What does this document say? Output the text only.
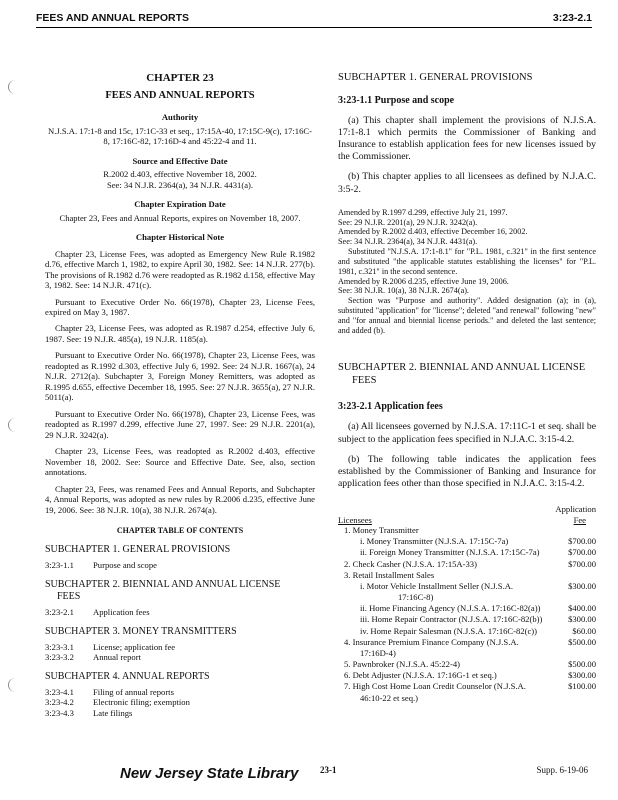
FEES AND ANNUAL REPORTS	3:23-2.1
CHAPTER 23
FEES AND ANNUAL REPORTS
Authority

N.J.S.A. 17:1-8 and 15c, 17:1C-33 et seq., 17:15A-40, 17:15C-9(c), 17:16C-8, 17:16C-82, 17:16D-4 and 45:22-4 and 11.

Source and Effective Date

R.2002 d.403, effective November 18, 2002.

See: 34 N.J.R. 2364(a), 34 N.J.R. 4431(a).

Chapter Expiration Date

Chapter 23, Fees and Annual Reports, expires on November 18, 2007.

Chapter Historical Note

Chapter 23, License Fees, was adopted as Emergency New Rule R.1982 d.76, effective March 1, 1982, to expire April 30, 1982. See: 14 N.J.R. 277(b). The provisions of R.1982 d.76 were readopted as R.1982 d.158, effective May 3, 1982. See: 14 N.J.R. 471(c).

Pursuant to Executive Order No. 66(1978), Chapter 23, License Fees, expired on May 3, 1987.

Chapter 23, License Fees, was adopted as R.1987 d.254, effective July 6, 1987. See: 19 N.J.R. 485(a), 19 N.J.R. 1185(a).

Pursuant to Executive Order No. 66(1978), Chapter 23, License Fees, was readopted as R.1992 d.303, effective July 6, 1992. See: 24 N.J.R. 1667(a), 24 N.J.R. 2712(a). Subchapter 3, Foreign Money Remitters, was adopted as R.1995 d.655, effective December 18, 1995. See: 27 N.J.R. 3655(a), 27 N.J.R. 5011(a).

Pursuant to Executive Order No. 66(1978), Chapter 23, License Fees, was readopted as R.1997 d.299, effective June 27, 1997. See: 29 N.J.R. 2201(a), 29 N.J.R. 3242(a).

Chapter 23, License Fees, was readopted as R.2002 d.403, effective November 18, 2002. See: Source and Effective Date. See, also, section annotations.

Chapter 23, Fees, was renamed Fees and Annual Reports, and Subchapter 4, Annual Reports, was adopted as new rules by R.2006 d.235, effective June 19, 2006. See: 38 N.J.R. 10(a), 38 N.J.R. 2674(a).

CHAPTER TABLE OF CONTENTS
SUBCHAPTER 1. GENERAL PROVISIONS
3:23-1.1	Purpose and scope
SUBCHAPTER 2. BIENNIAL AND ANNUAL LICENSE
FEES
3:23-2.1	Application fees
SUBCHAPTER 3. MONEY TRANSMITTERS
3:23-3.1	License; application fee
3:23-3.2	Annual report
SUBCHAPTER 4. ANNUAL REPORTS
3:23-4.1	Filing of annual reports
3:23-4.2	Electronic filing; exemption
3:23-4.3	Late filings
SUBCHAPTER 1. GENERAL PROVISIONS
3:23-1.1 Purpose and scope

(a) This chapter shall implement the provisions of N.J.S.A. 17:1-8.1 which permits the Commissioner of Banking and Insurance to establish application fees for new licenses issued by the Commissioner.

(b) This chapter applies to all licensees as defined by N.J.A.C. 3:5-2.

Amended by R.1997 d.299, effective July 21, 1997.

See: 29 N.J.R. 2201(a), 29 N.J.R. 3242(a).

Amended by R.2002 d.403, effective December 16, 2002.

See: 34 N.J.R. 2364(a), 34 N.J.R. 4431(a).

Substituted "N.J.S.A. 17:1-8.1" for "P.L. 1981, c.321" in the first sentence and substituted "the applicable statutes establishing the licenses" for "P.L. 1981, c.321" in the second sentence.

Amended by R.2006 d.235, effective June 19, 2006.

See: 38 N.J.R. 10(a), 38 N.J.R. 2674(a).

Section was "Purpose and authority". Added designation (a); in (a), substituted "application" for "license"; deleted "and renewal" following "new" and "for annual and biennial license periods." and deleted the last sentence; and added (b).

SUBCHAPTER 2. BIENNIAL AND ANNUAL LICENSE
FEES
3:23-2.1 Application fees

(a) All licensees governed by N.J.S.A. 17:11C-1 et seq. shall be subject to the application fees specified in N.J.A.C. 3:15-4.2.

(b) The following table indicates the application fees established by the Commissioner of Banking and Insurance for application fees other than those specified in N.J.A.C. 3:15-4.2.

Application
Licensees	Fee
1. Money Transmitter
i. Money Transmitter (N.J.S.A. 17:15C-7a)	$700.00
ii. Foreign Money Transmitter (N.J.S.A. 17:15C-7a)	$700.00
2. Check Casher (N.J.S.A. 17:15A-33)	$700.00
3. Retail Installment Sales
i. Motor Vehicle Installment Seller (N.J.S.A.	$300.00
17:16C-8)
ii. Home Financing Agency (N.J.S.A. 17:16C-82(a))	$400.00
iii. Home Repair Contractor (N.J.S.A. 17:16C-82(b))	$300.00
iv. Home Repair Salesman (N.J.S.A. 17:16C-82(c))	$60.00
4. Insurance Premium Finance Company (N.J.S.A.	$500.00
17:16D-4)
5. Pawnbroker (N.J.S.A. 45:22-4)	$500.00
6. Debt Adjuster (N.J.S.A. 17:16G-1 et seq.)	$300.00
7. High Cost Home Loan Credit Counselor (N.J.S.A.	$100.00
46:10-22 et seq.)
New Jersey State Library 23-1	Supp. 6-19-06
